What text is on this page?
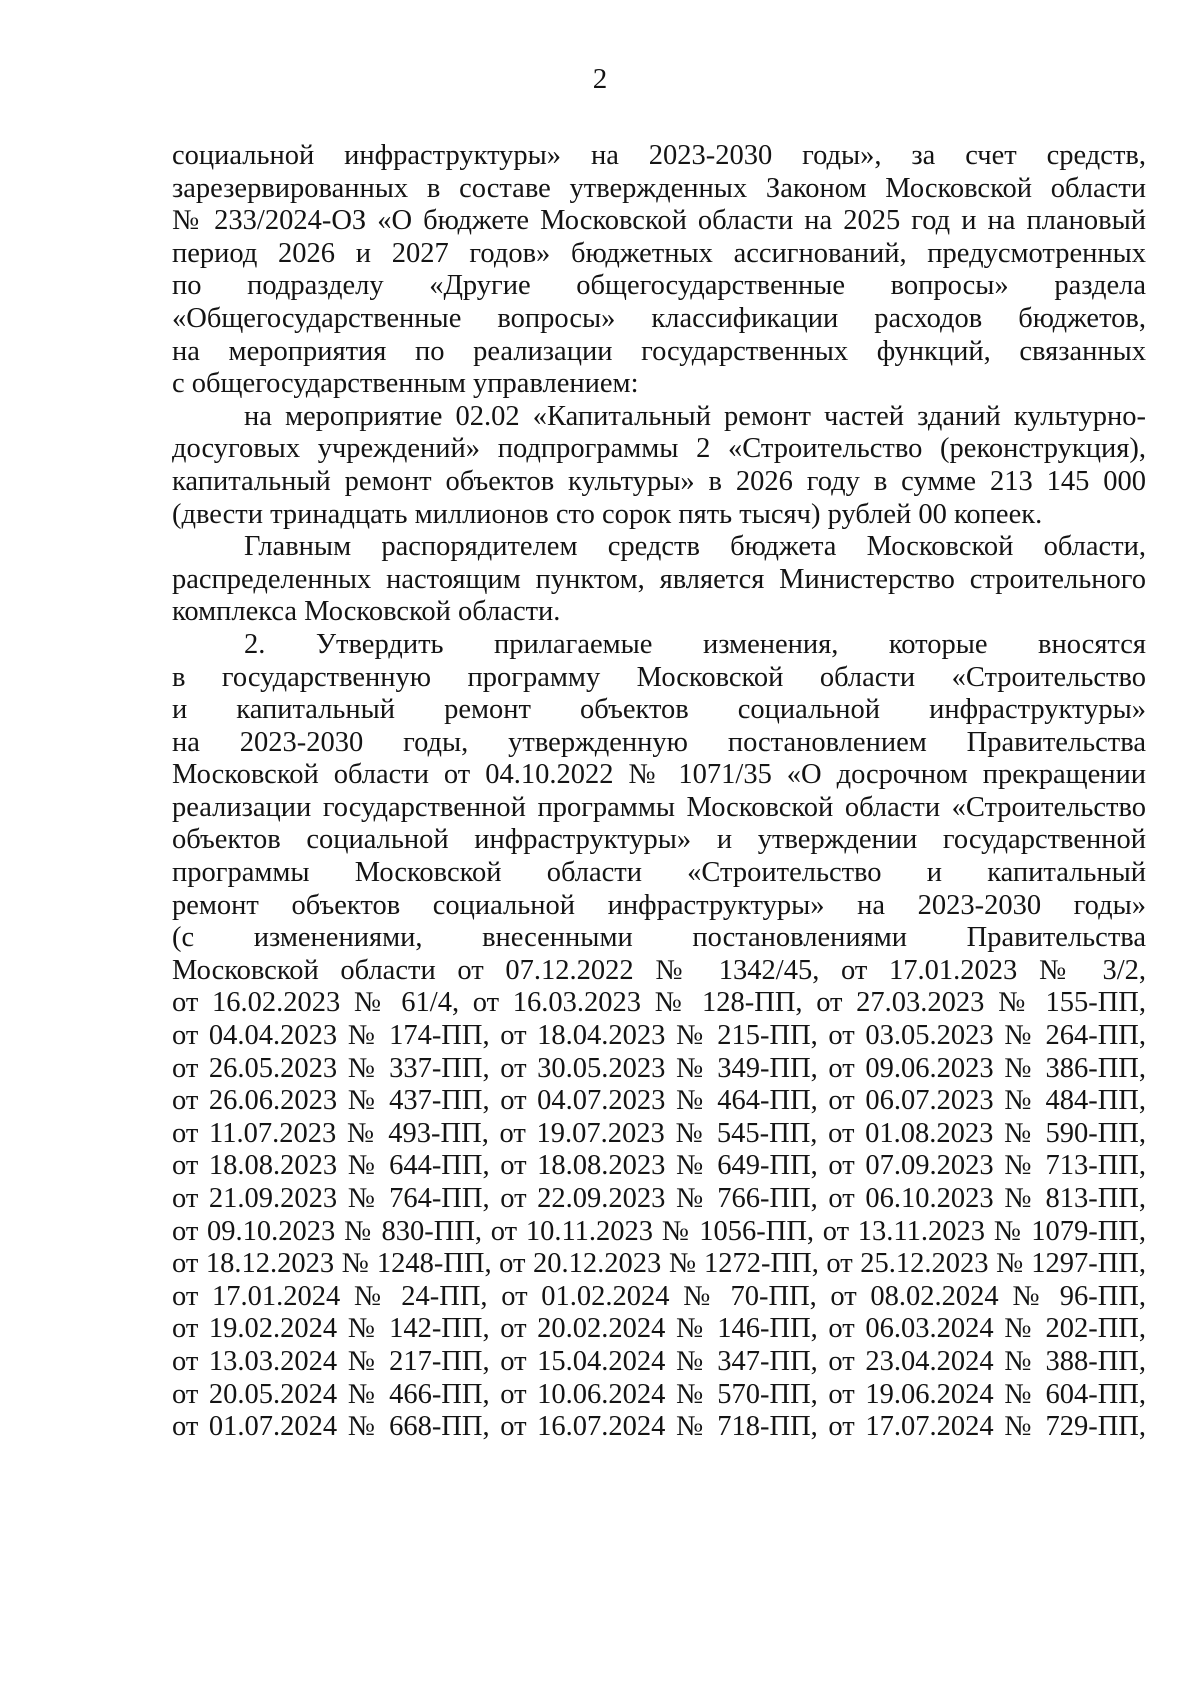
2
социальной инфраструктуры» на 2023-2030 годы», за счет средств,
зарезервированных в составе утвержденных Законом Московской области
№ 233/2024-ОЗ «О бюджете Московской области на 2025 год и на плановый
период 2026 и 2027 годов» бюджетных ассигнований, предусмотренных
по подразделу «Другие общегосударственные вопросы» раздела
«Общегосударственные вопросы» классификации расходов бюджетов,
на мероприятия по реализации государственных функций, связанных
с общегосударственным управлением:
на мероприятие 02.02 «Капитальный ремонт частей зданий культурно-
досуговых учреждений» подпрограммы 2 «Строительство (реконструкция),
капитальный ремонт объектов культуры» в 2026 году в сумме 213 145 000
(двести тринадцать миллионов сто сорок пять тысяч) рублей 00 копеек.
Главным распорядителем средств бюджета Московской области,
распределенных настоящим пунктом, является Министерство строительного
комплекса Московской области.
2. Утвердить прилагаемые изменения, которые вносятся
в государственную программу Московской области «Строительство
и капитальный ремонт объектов социальной инфраструктуры»
на 2023-2030 годы, утвержденную постановлением Правительства
Московской области от 04.10.2022 № 1071/35 «О досрочном прекращении
реализации государственной программы Московской области «Строительство
объектов социальной инфраструктуры» и утверждении государственной
программы Московской области «Строительство и капитальный
ремонт объектов социальной инфраструктуры» на 2023-2030 годы»
(с изменениями, внесенными постановлениями Правительства
Московской области от 07.12.2022 № 1342/45, от 17.01.2023 № 3/2,
от 16.02.2023 № 61/4, от 16.03.2023 № 128-ПП, от 27.03.2023 № 155-ПП,
от 04.04.2023 № 174-ПП, от 18.04.2023 № 215-ПП, от 03.05.2023 № 264-ПП,
от 26.05.2023 № 337-ПП, от 30.05.2023 № 349-ПП, от 09.06.2023 № 386-ПП,
от 26.06.2023 № 437-ПП, от 04.07.2023 № 464-ПП, от 06.07.2023 № 484-ПП,
от 11.07.2023 № 493-ПП, от 19.07.2023 № 545-ПП, от 01.08.2023 № 590-ПП,
от 18.08.2023 № 644-ПП, от 18.08.2023 № 649-ПП, от 07.09.2023 № 713-ПП,
от 21.09.2023 № 764-ПП, от 22.09.2023 № 766-ПП, от 06.10.2023 № 813-ПП,
от 09.10.2023 № 830-ПП, от 10.11.2023 № 1056-ПП, от 13.11.2023 № 1079-ПП,
от 18.12.2023 № 1248-ПП, от 20.12.2023 № 1272-ПП, от 25.12.2023 № 1297-ПП,
от 17.01.2024 № 24-ПП, от 01.02.2024 № 70-ПП, от 08.02.2024 № 96-ПП,
от 19.02.2024 № 142-ПП, от 20.02.2024 № 146-ПП, от 06.03.2024 № 202-ПП,
от 13.03.2024 № 217-ПП, от 15.04.2024 № 347-ПП, от 23.04.2024 № 388-ПП,
от 20.05.2024 № 466-ПП, от 10.06.2024 № 570-ПП, от 19.06.2024 № 604-ПП,
от 01.07.2024 № 668-ПП, от 16.07.2024 № 718-ПП, от 17.07.2024 № 729-ПП,
